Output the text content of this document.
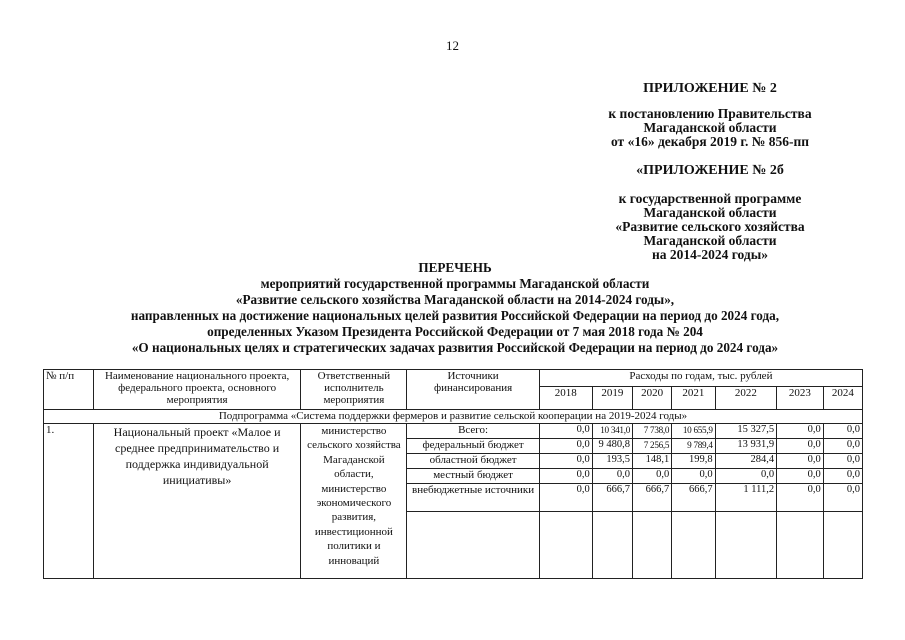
12
ПРИЛОЖЕНИЕ № 2
к постановлению Правительства
Магаданской области
от «16» декабря 2019 г. № 856-пп
«ПРИЛОЖЕНИЕ № 2б
к государственной программе
Магаданской области
«Развитие сельского хозяйства
Магаданской области
на 2014-2024 годы»
ПЕРЕЧЕНЬ
мероприятий государственной программы Магаданской области
«Развитие сельского хозяйства Магаданской области на 2014-2024 годы»,
направленных на достижение национальных целей развития Российской Федерации на период до 2024 года,
определенных Указом Президента Российской Федерации от 7 мая 2018 года № 204
«О национальных целях и стратегических задачах развития Российской Федерации на период до 2024 года»
№ п/п	Наименование национального проекта, федерального проекта, основного мероприятия	Ответственный исполнитель мероприятия	Источники финансирования	Расходы по годам, тыс. рублей						
				2018	2019	2020	2021	2022	2023	2024
Подпрограмма «Система поддержки фермеров и развитие сельской кооперации на 2019-2024 годы»										
1.	Национальный проект «Малое и среднее предпринимательство и поддержка индивидуальной инициативы»	министерство сельского хозяйства Магаданской области, министерство экономического развития, инвестиционной политики и инноваций	Всего:	0,0	10 341,0	7 738,0	10 655,9	15 327,5	0,0	0,0
			федеральный бюджет	0,0	9 480,8	7 256,5	9 789,4	13 931,9	0,0	0,0
			областной бюджет	0,0	193,5	148,1	199,8	284,4	0,0	0,0
			местный бюджет	0,0	0,0	0,0	0,0	0,0	0,0	0,0
			внебюджетные источники	0,0	666,7	666,7	666,7	1 111,2	0,0	0,0
